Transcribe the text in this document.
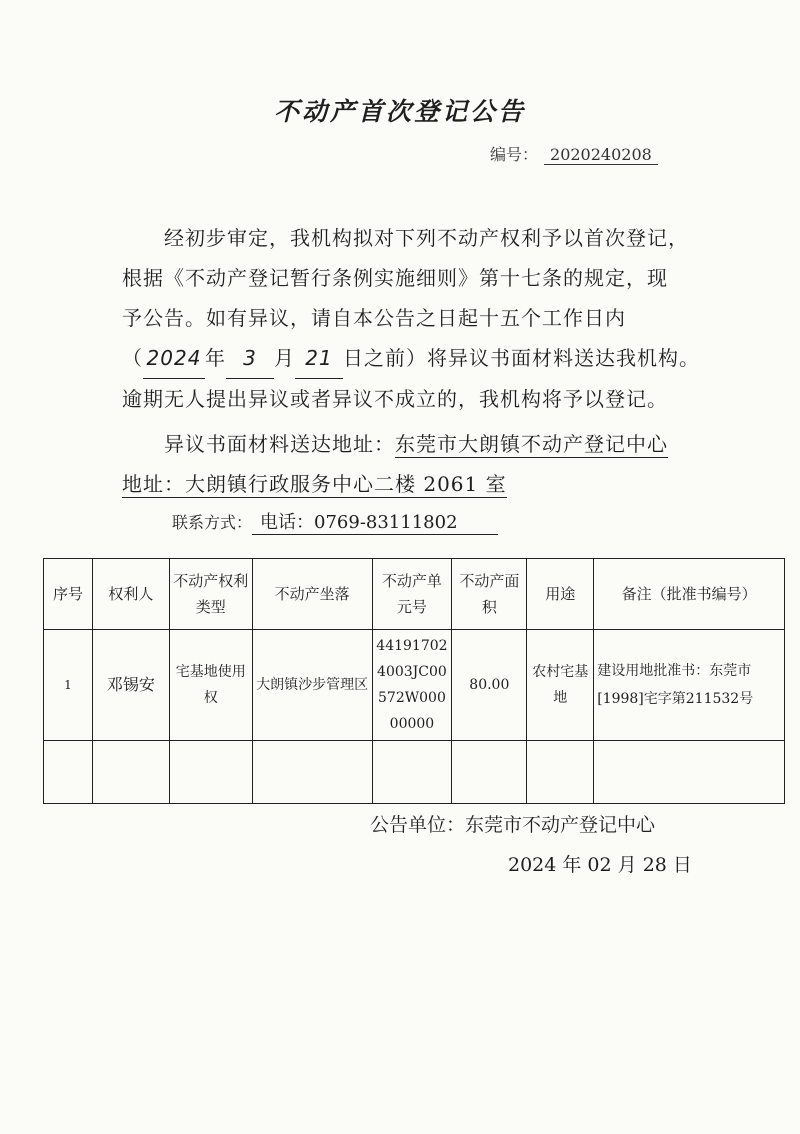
不动产首次登记公告
编号： 2020240208

经初步审定，我机构拟对下列不动产权利予以首次登记，

根据《不动产登记暂行条例实施细则》第十七条的规定，现

予公告。如有异议，请自本公告之日起十五个工作日内

（ 2024 年 3 月 21 日之前）将异议书面材料送达我机构。

逾期无人提出异议或者异议不成立的，我机构将予以登记。

异议书面材料送达地址：东莞市大朗镇不动产登记中心
地址：大朗镇行政服务中心二楼 2061 室
联系方式： 电话：0769-83111802
序号	权利人	不动产权利类型	不动产坐落	不动产单元号	不动产面积	用途	备注（批准书编号）
1	邓锡安	宅基地使用权	大朗镇沙步管理区	441917024003JC00572W00000000	80.00	农村宅基地	建设用地批准书：东莞市[1998]宅字第211532号

公告单位：东莞市不动产登记中心
2024 年 02 月 28 日
